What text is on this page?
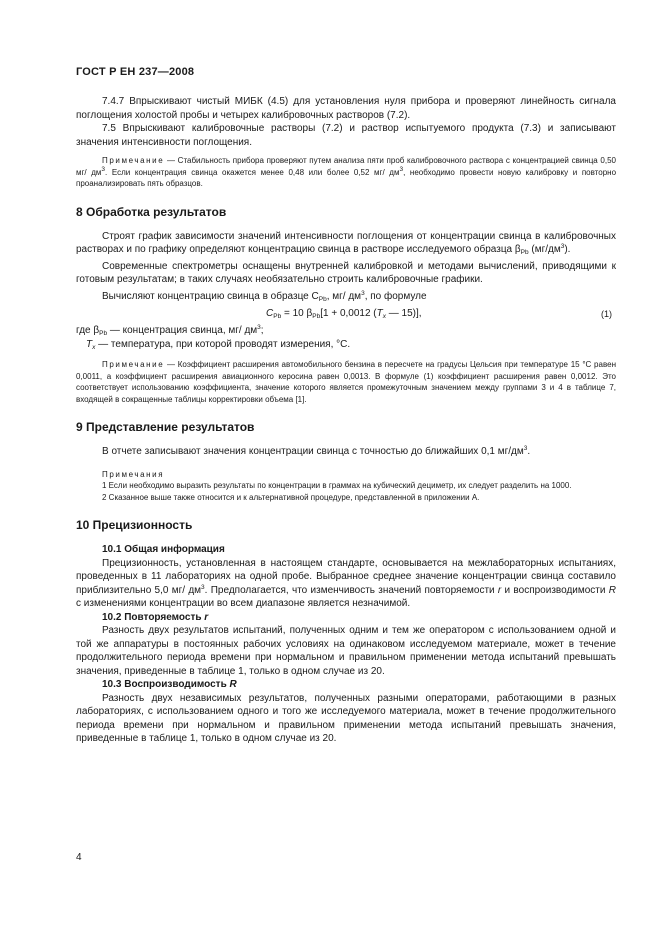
ГОСТ Р ЕН 237—2008

7.4.7 Впрыскивают чистый МИБК (4.5) для установления нуля прибора и проверяют линейность сигнала поглощения холостой пробы и четырех калибровочных растворов (7.2).

7.5 Впрыскивают калибровочные растворы (7.2) и раствор испытуемого продукта (7.3) и записывают значения интенсивности поглощения.

Примечание — Стабильность прибора проверяют путем анализа пяти проб калибровочного раствора с концентрацией свинца 0,50 мг/ $дм^3$. Если концентрация свинца окажется менее 0,48 или более 0,52 мг/ $дм^3$, необходимо провести новую калибровку и повторно проанализировать пять образцов.

8 Обработка результатов

Строят график зависимости значений интенсивности поглощения от концентрации свинца в калибровочных растворах и по графику определяют концентрацию свинца в растворе исследуемого образца $\beta_{Pb}$ $(мг/дм^3)$.

Современные спектрометры оснащены внутренней калибровкой и методами вычислений, приводящими к готовым результатам; в таких случаях необязательно строить калибровочные графики.

Вычисляют концентрацию свинца в образце $C_{Pb}$, мг/ $дм^3$, по формуле

$C_{Pb} = 10$ $\beta_{Pb}[1 + 0,0012$ ($T_x$ — 15)],	(1)

где $\beta_{Pb}$ — концентрация свинца, мг/ $дм^3$;

$T_x$ — температура, при которой проводят измерения, °С.

Примечание — Коэффициент расширения автомобильного бензина в пересчете на градусы Цельсия при температуре 15 °С равен 0,0011, а коэффициент расширения авиационного керосина равен 0,0013. В формуле (1) коэффициент расширения равен 0,0012. Это соответствует использованию коэффициента, значение которого является промежуточным значением между группами 3 и 4 в таблице 7, входящей в сокращенные таблицы корректировки объема [1].

9 Представление результатов

В отчете записывают значения концентрации свинца с точностью до ближайших 0,1 $мг/дм^3$.

Примечания

1 Если необходимо выразить результаты по концентрации в граммах на кубический дециметр, их следует разделить на 1000.

2 Сказанное выше также относится и к альтернативной процедуре, представленной в приложении А.

10 Прецизионность
10.1 Общая информация

Прецизионность, установленная в настоящем стандарте, основывается на межлабораторных испытаниях, проведенных в 11 лабораториях на одной пробе. Выбранное среднее значение концентрации свинца составило приблизительно 5,0 мг/ $дм^3$. Предполагается, что изменчивость значений повторяемости r и воспроизводимости R с изменениями концентрации во всем диапазоне является незначимой.

10.2 Повторяемость r

Разность двух результатов испытаний, полученных одним и тем же оператором с использованием одной и той же аппаратуры в постоянных рабочих условиях на одинаковом исследуемом материале, может в течение продолжительного периода времени при нормальном и правильном применении метода испытаний превышать значения, приведенные в таблице 1, только в одном случае из 20.

10.3 Воспроизводимость R

Разность двух независимых результатов, полученных разными операторами, работающими в разных лабораториях, с использованием одного и того же исследуемого материала, может в течение продолжительного периода времени при нормальном и правильном применении метода испытаний превышать значения, приведенные в таблице 1, только в одном случае из 20.

4
